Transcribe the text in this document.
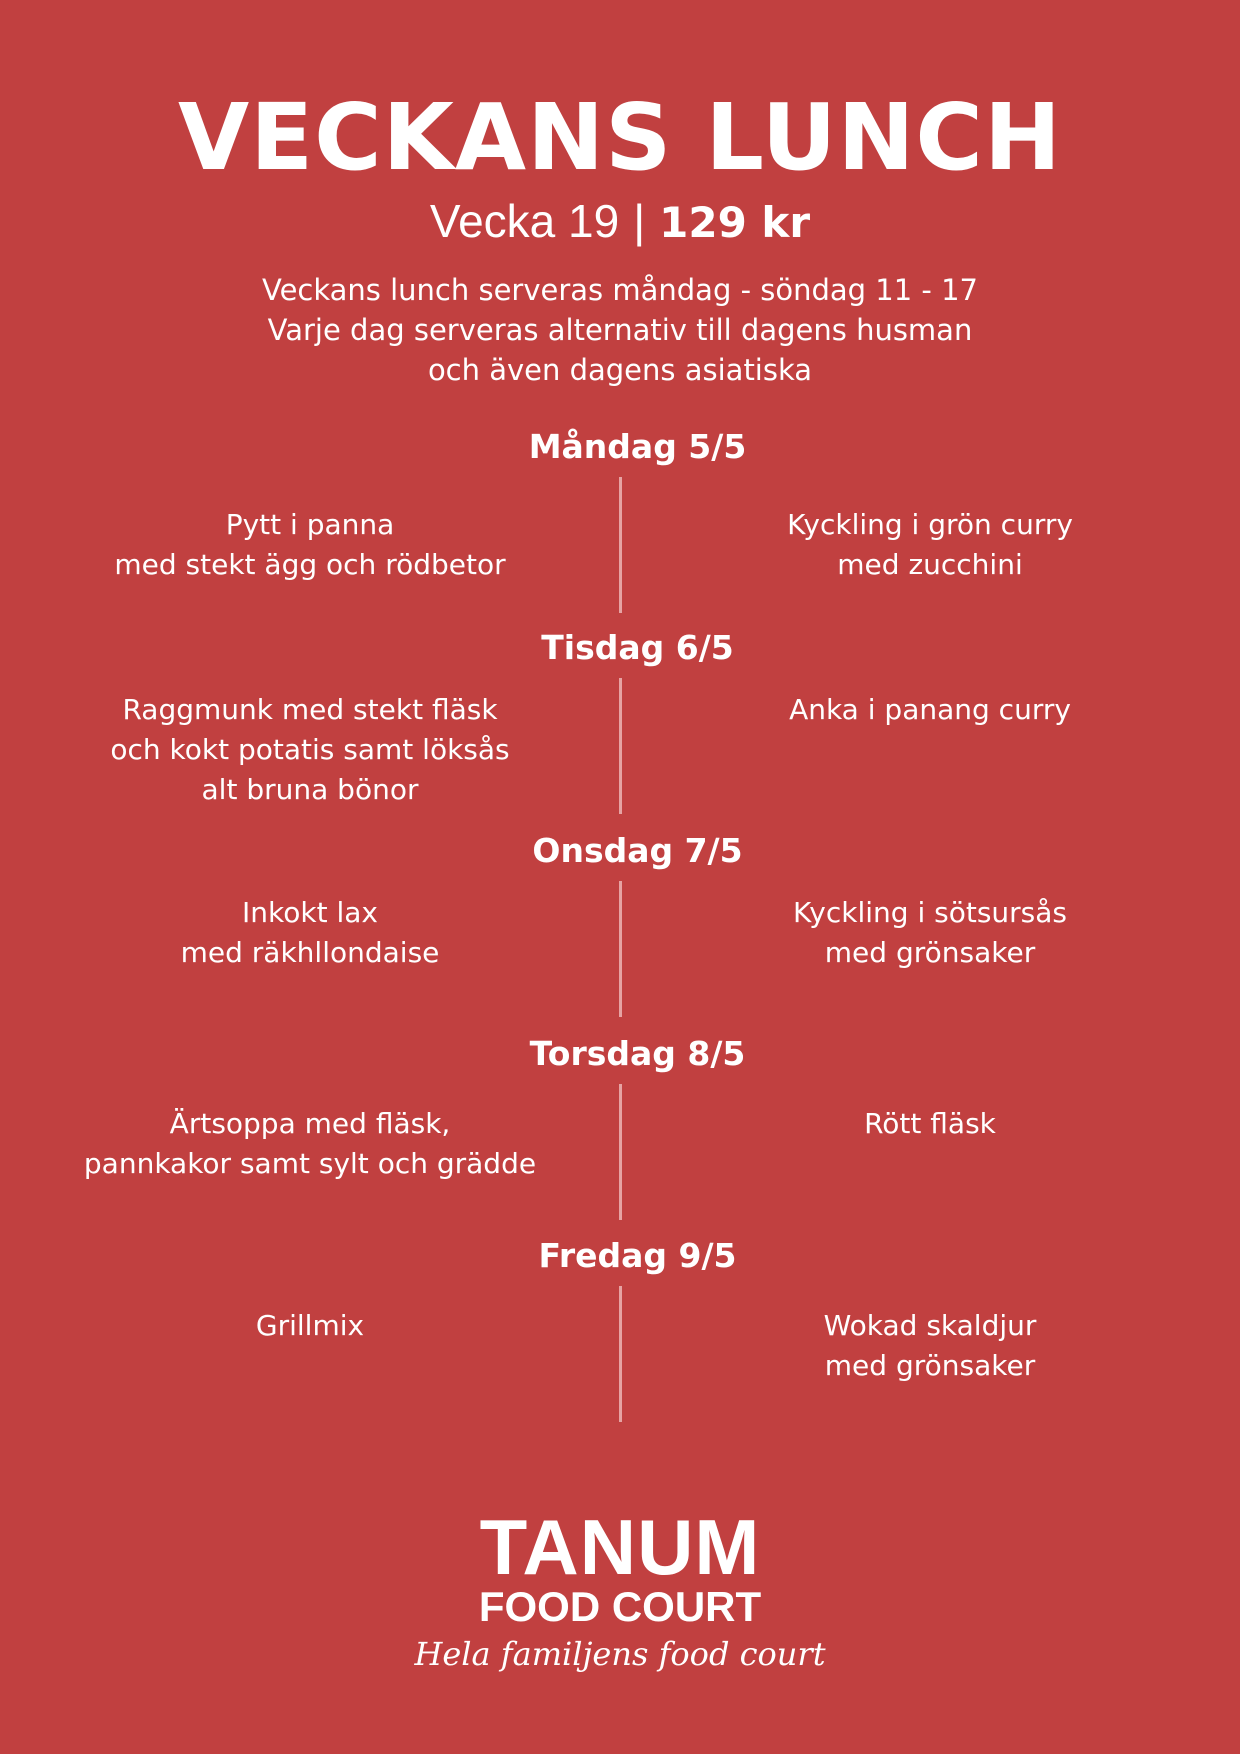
VECKANS LUNCH
Vecka 19 | 129 kr
Veckans lunch serveras måndag - söndag 11 - 17
Varje dag serveras alternativ till dagens husman
och även dagens asiatiska
Måndag 5/5
Pytt i panna
med stekt ägg och rödbetor
Kyckling i grön curry
med zucchini
Tisdag 6/5
Raggmunk med stekt fläsk
och kokt potatis samt löksås
alt bruna bönor
Anka i panang curry
Onsdag 7/5
Inkokt lax
med räkhllondaise
Kyckling i sötsursås
med grönsaker
Torsdag 8/5
Ärtsoppa med fläsk,
pannkakor samt sylt och grädde
Rött fläsk
Fredag 9/5
Grillmix	Wokad skaldjur
med grönsaker
TANUM
FOOD COURT
Hela familjens food court
